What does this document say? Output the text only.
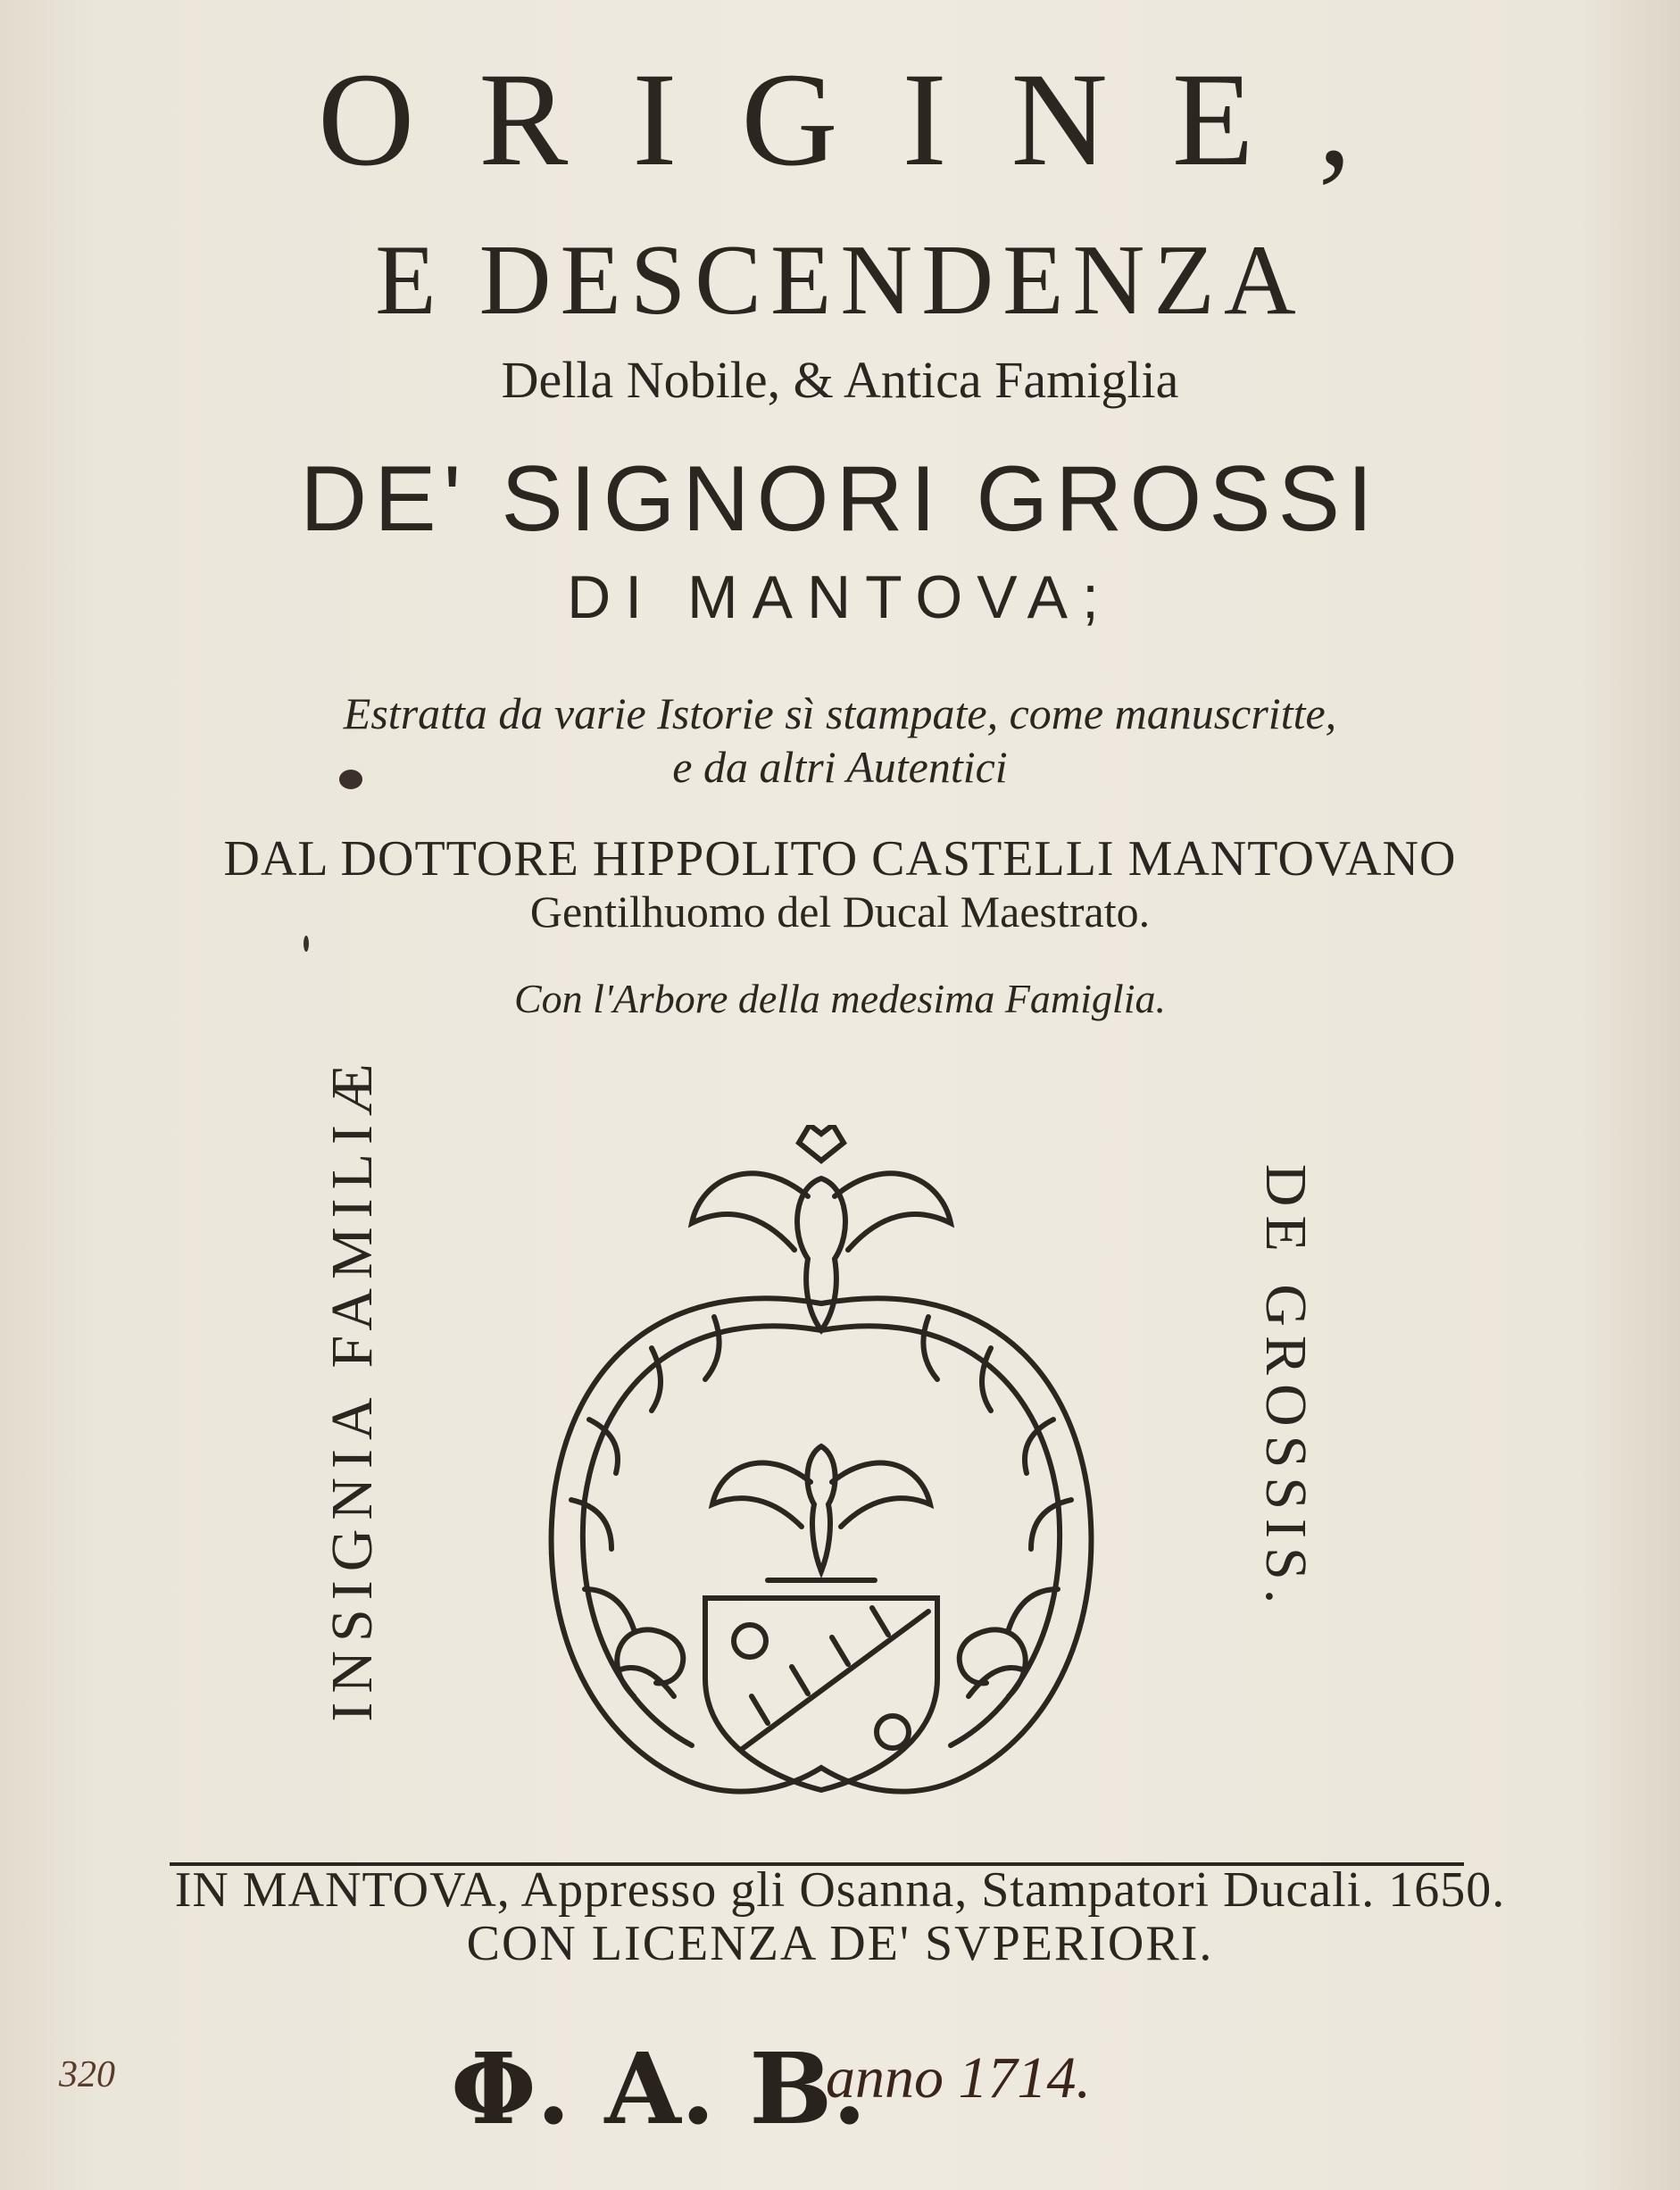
ORIGINE,
E DESCENDENZA
Della Nobile, & Antica Famiglia
DE' SIGNORI GROSSI
DI MANTOVA;
Estratta da varie Istorie sì stampate, come manuscritte,
e da altri Autentici
DAL DOTTORE HIPPOLITO CASTELLI MANTOVANO
Gentilhuomo del Ducal Maestrato.
Con l'Arbore della medesima Famiglia.
INSIGNIA FAMILIÆ	DE GROSSIS.
IN MANTOVA, Appresso gli Osanna, Stampatori Ducali. 1650.
CON LICENZA DE' SVPERIORI.
320	Φ. A. B.
anno 1714.
